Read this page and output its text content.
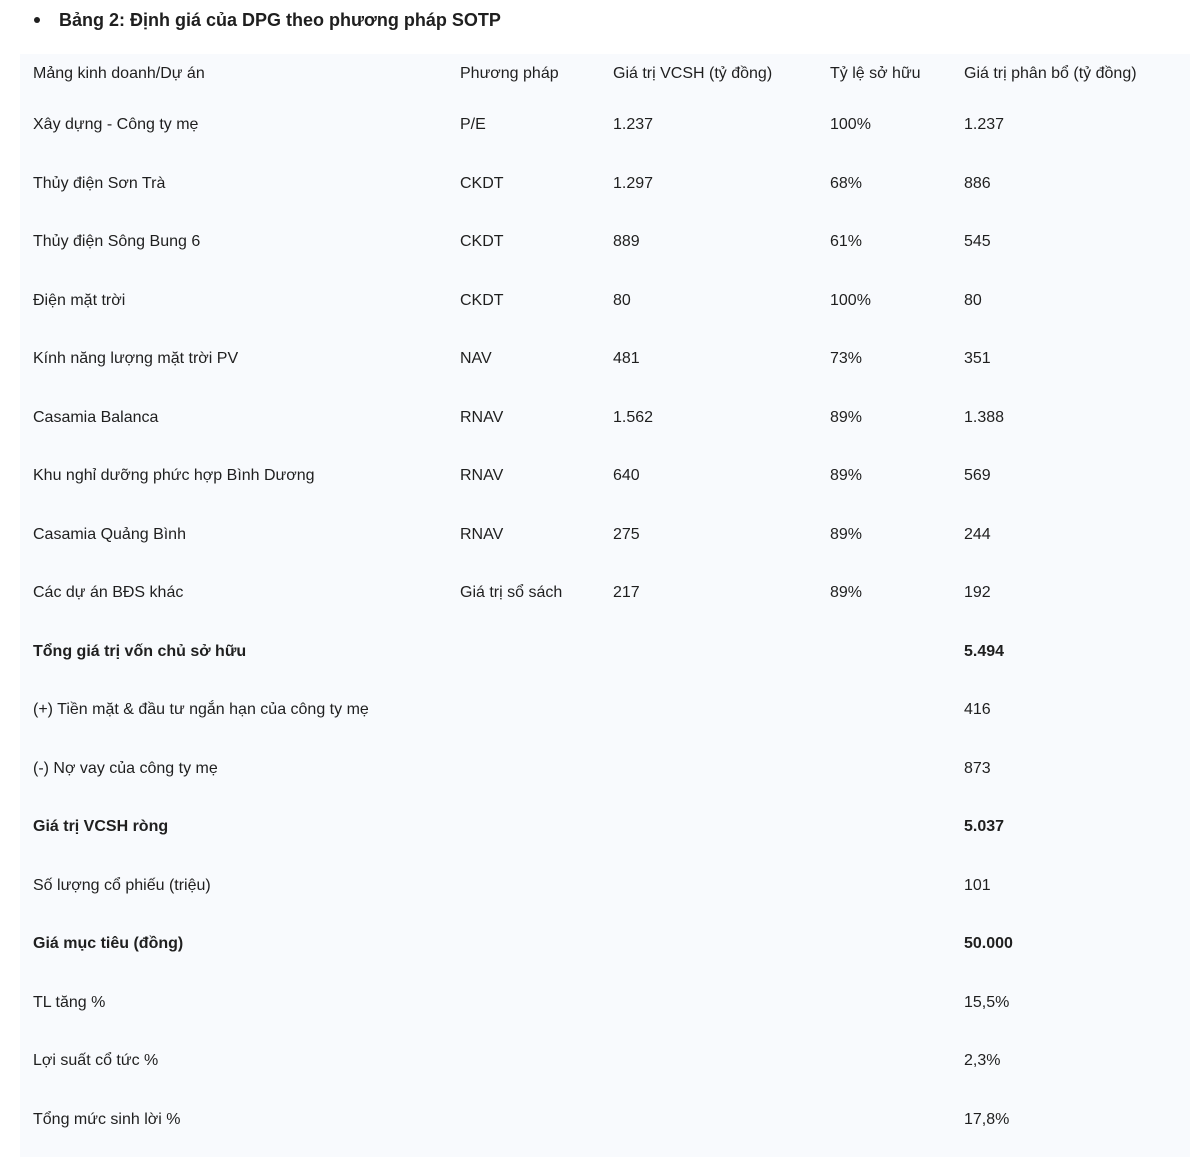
Bảng 2: Định giá của DPG theo phương pháp SOTP
Mảng kinh doanh/Dự án	Phương pháp	Giá trị VCSH (tỷ đồng)	Tỷ lệ sở hữu	Giá trị phân bổ (tỷ đồng)
Xây dựng - Công ty mẹ	P/E	1.237	100%	1.237
Thủy điện Sơn Trà	CKDT	1.297	68%	886
Thủy điện Sông Bung 6	CKDT	889	61%	545
Điện mặt trời	CKDT	80	100%	80
Kính năng lượng mặt trời PV	NAV	481	73%	351
Casamia Balanca	RNAV	1.562	89%	1.388
Khu nghỉ dưỡng phức hợp Bình Dương	RNAV	640	89%	569
Casamia Quảng Bình	RNAV	275	89%	244
Các dự án BĐS khác	Giá trị sổ sách	217	89%	192
Tổng giá trị vốn chủ sở hữu				5.494
(+) Tiền mặt & đầu tư ngắn hạn của công ty mẹ				416
(-) Nợ vay của công ty mẹ				873
Giá trị VCSH ròng				5.037
Số lượng cổ phiếu (triệu)				101
Giá mục tiêu (đồng)				50.000
TL tăng %				15,5%
Lợi suất cổ tức %				2,3%
Tổng mức sinh lời %				17,8%
